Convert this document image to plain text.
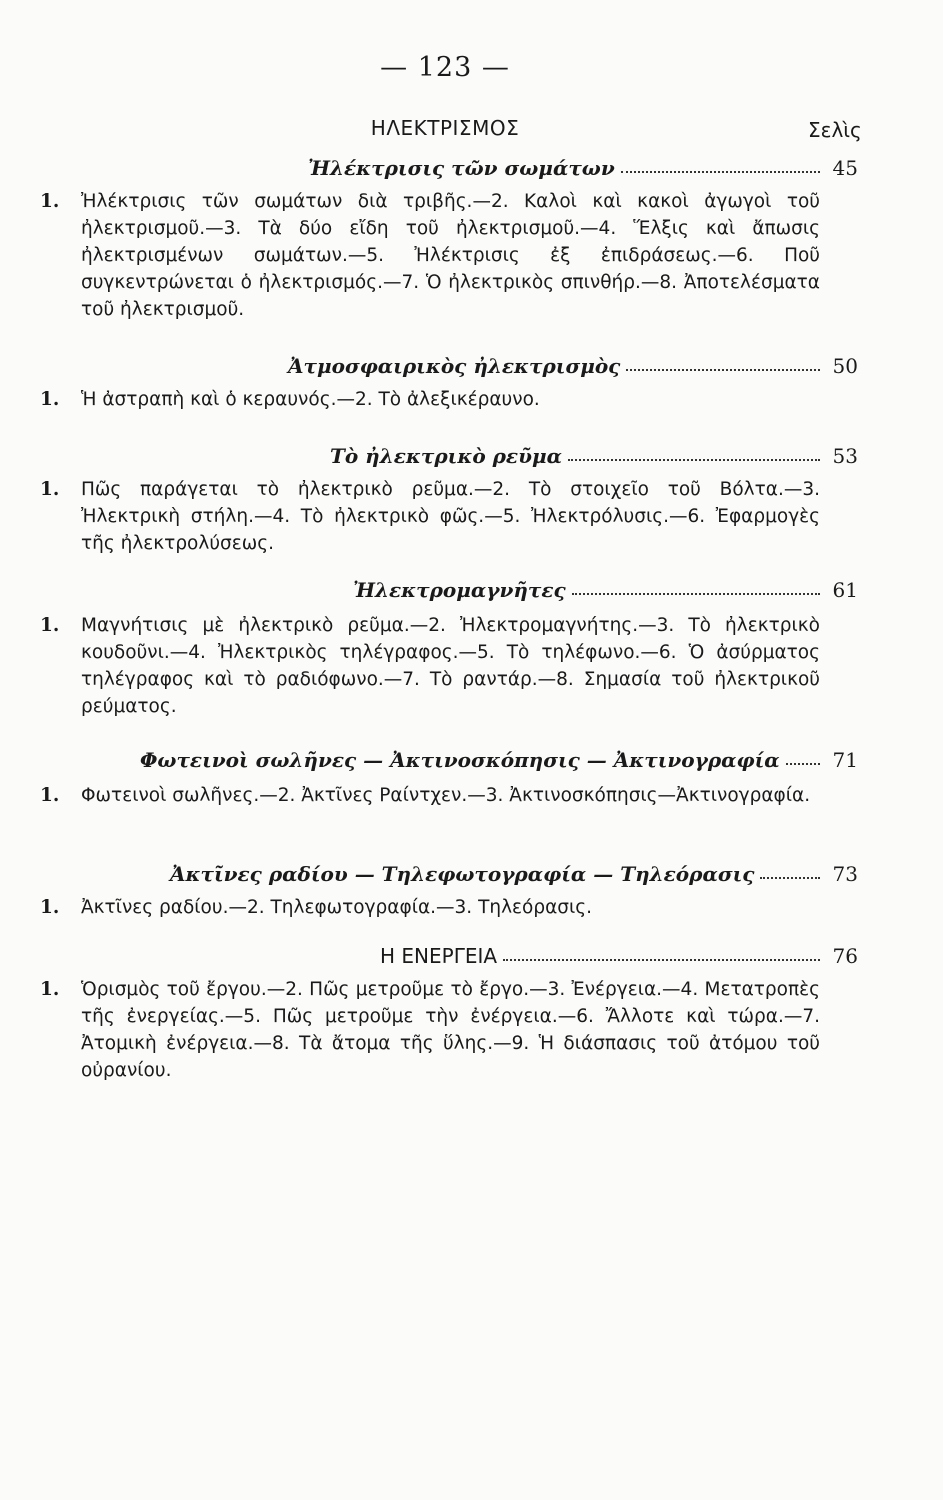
— 123 —
ΗΛΕΚΤΡΙΣΜΟΣ	Σελὶς
Ἠλέκτρισις τῶν σωμάτων	45
1. Ἠλέκτρισις τῶν σωμάτων διὰ τριβῆς.—2. Καλοὶ καὶ κακοὶ ἀγωγοὶ τοῦ ἠλεκτρισμοῦ.—3. Τὰ δύο εἴδη τοῦ ἠλεκτρισμοῦ.—4. Ἕλξις καὶ ἄπωσις ἠλεκτρισμένων σωμάτων.—5. Ἠλέκτρισις ἐξ ἐπιδράσεως.—6. Ποῦ συγκεντρώνεται ὁ ἠλεκτρισμός.—7. Ὁ ἠλεκτρικὸς σπινθήρ.—8. Ἀποτελέσματα τοῦ ἠλεκτρισμοῦ.
Ἀτμοσφαιρικὸς ἠλεκτρισμὸς	50
1. Ἡ ἀστραπὴ καὶ ὁ κεραυνός.—2. Τὸ ἀλεξικέραυνο.
Τὸ ἠλεκτρικὸ ρεῦμα	53
1. Πῶς παράγεται τὸ ἠλεκτρικὸ ρεῦμα.—2. Τὸ στοιχεῖο τοῦ Βόλτα.—3. Ἠλεκτρικὴ στήλη.—4. Τὸ ἠλεκτρικὸ φῶς.—5. Ἠλεκτρόλυσις.—6. Ἐφαρμογὲς τῆς ἠλεκτρολύσεως.
Ἠλεκτρομαγνῆτες	61
1. Μαγνήτισις μὲ ἠλεκτρικὸ ρεῦμα.—2. Ἠλεκτρομαγνήτης.—3. Τὸ ἠλεκτρικὸ κουδοῦνι.—4. Ἠλεκτρικὸς τηλέγραφος.—5. Τὸ τηλέφωνο.—6. Ὁ ἀσύρματος τηλέγραφος καὶ τὸ ραδιόφωνο.—7. Τὸ ραντάρ.—8. Σημασία τοῦ ἠλεκτρικοῦ ρεύματος.
Φωτεινοὶ σωλῆνες — Ἀκτινοσκόπησις — Ἀκτινογραφία	71
1. Φωτεινοὶ σωλῆνες.—2. Ἀκτῖνες Ραίντχεν.—3. Ἀκτινοσκόπησις—Ἀκτινογραφία.
Ἀκτῖνες ραδίου — Τηλεφωτογραφία — Τηλεόρασις	73
1. Ἀκτῖνες ραδίου.—2. Τηλεφωτογραφία.—3. Τηλεόρασις.
Η ΕΝΕΡΓΕΙΑ	76
1. Ὁρισμὸς τοῦ ἔργου.—2. Πῶς μετροῦμε τὸ ἔργο.—3. Ἐνέργεια.—4. Μετατροπὲς τῆς ἐνεργείας.—5. Πῶς μετροῦμε τὴν ἐνέργεια.—6. Ἄλλοτε καὶ τώρα.—7. Ἀτομικὴ ἐνέργεια.—8. Τὰ ἄτομα τῆς ὕλης.—9. Ἡ διάσπασις τοῦ ἀτόμου τοῦ οὐρανίου.
